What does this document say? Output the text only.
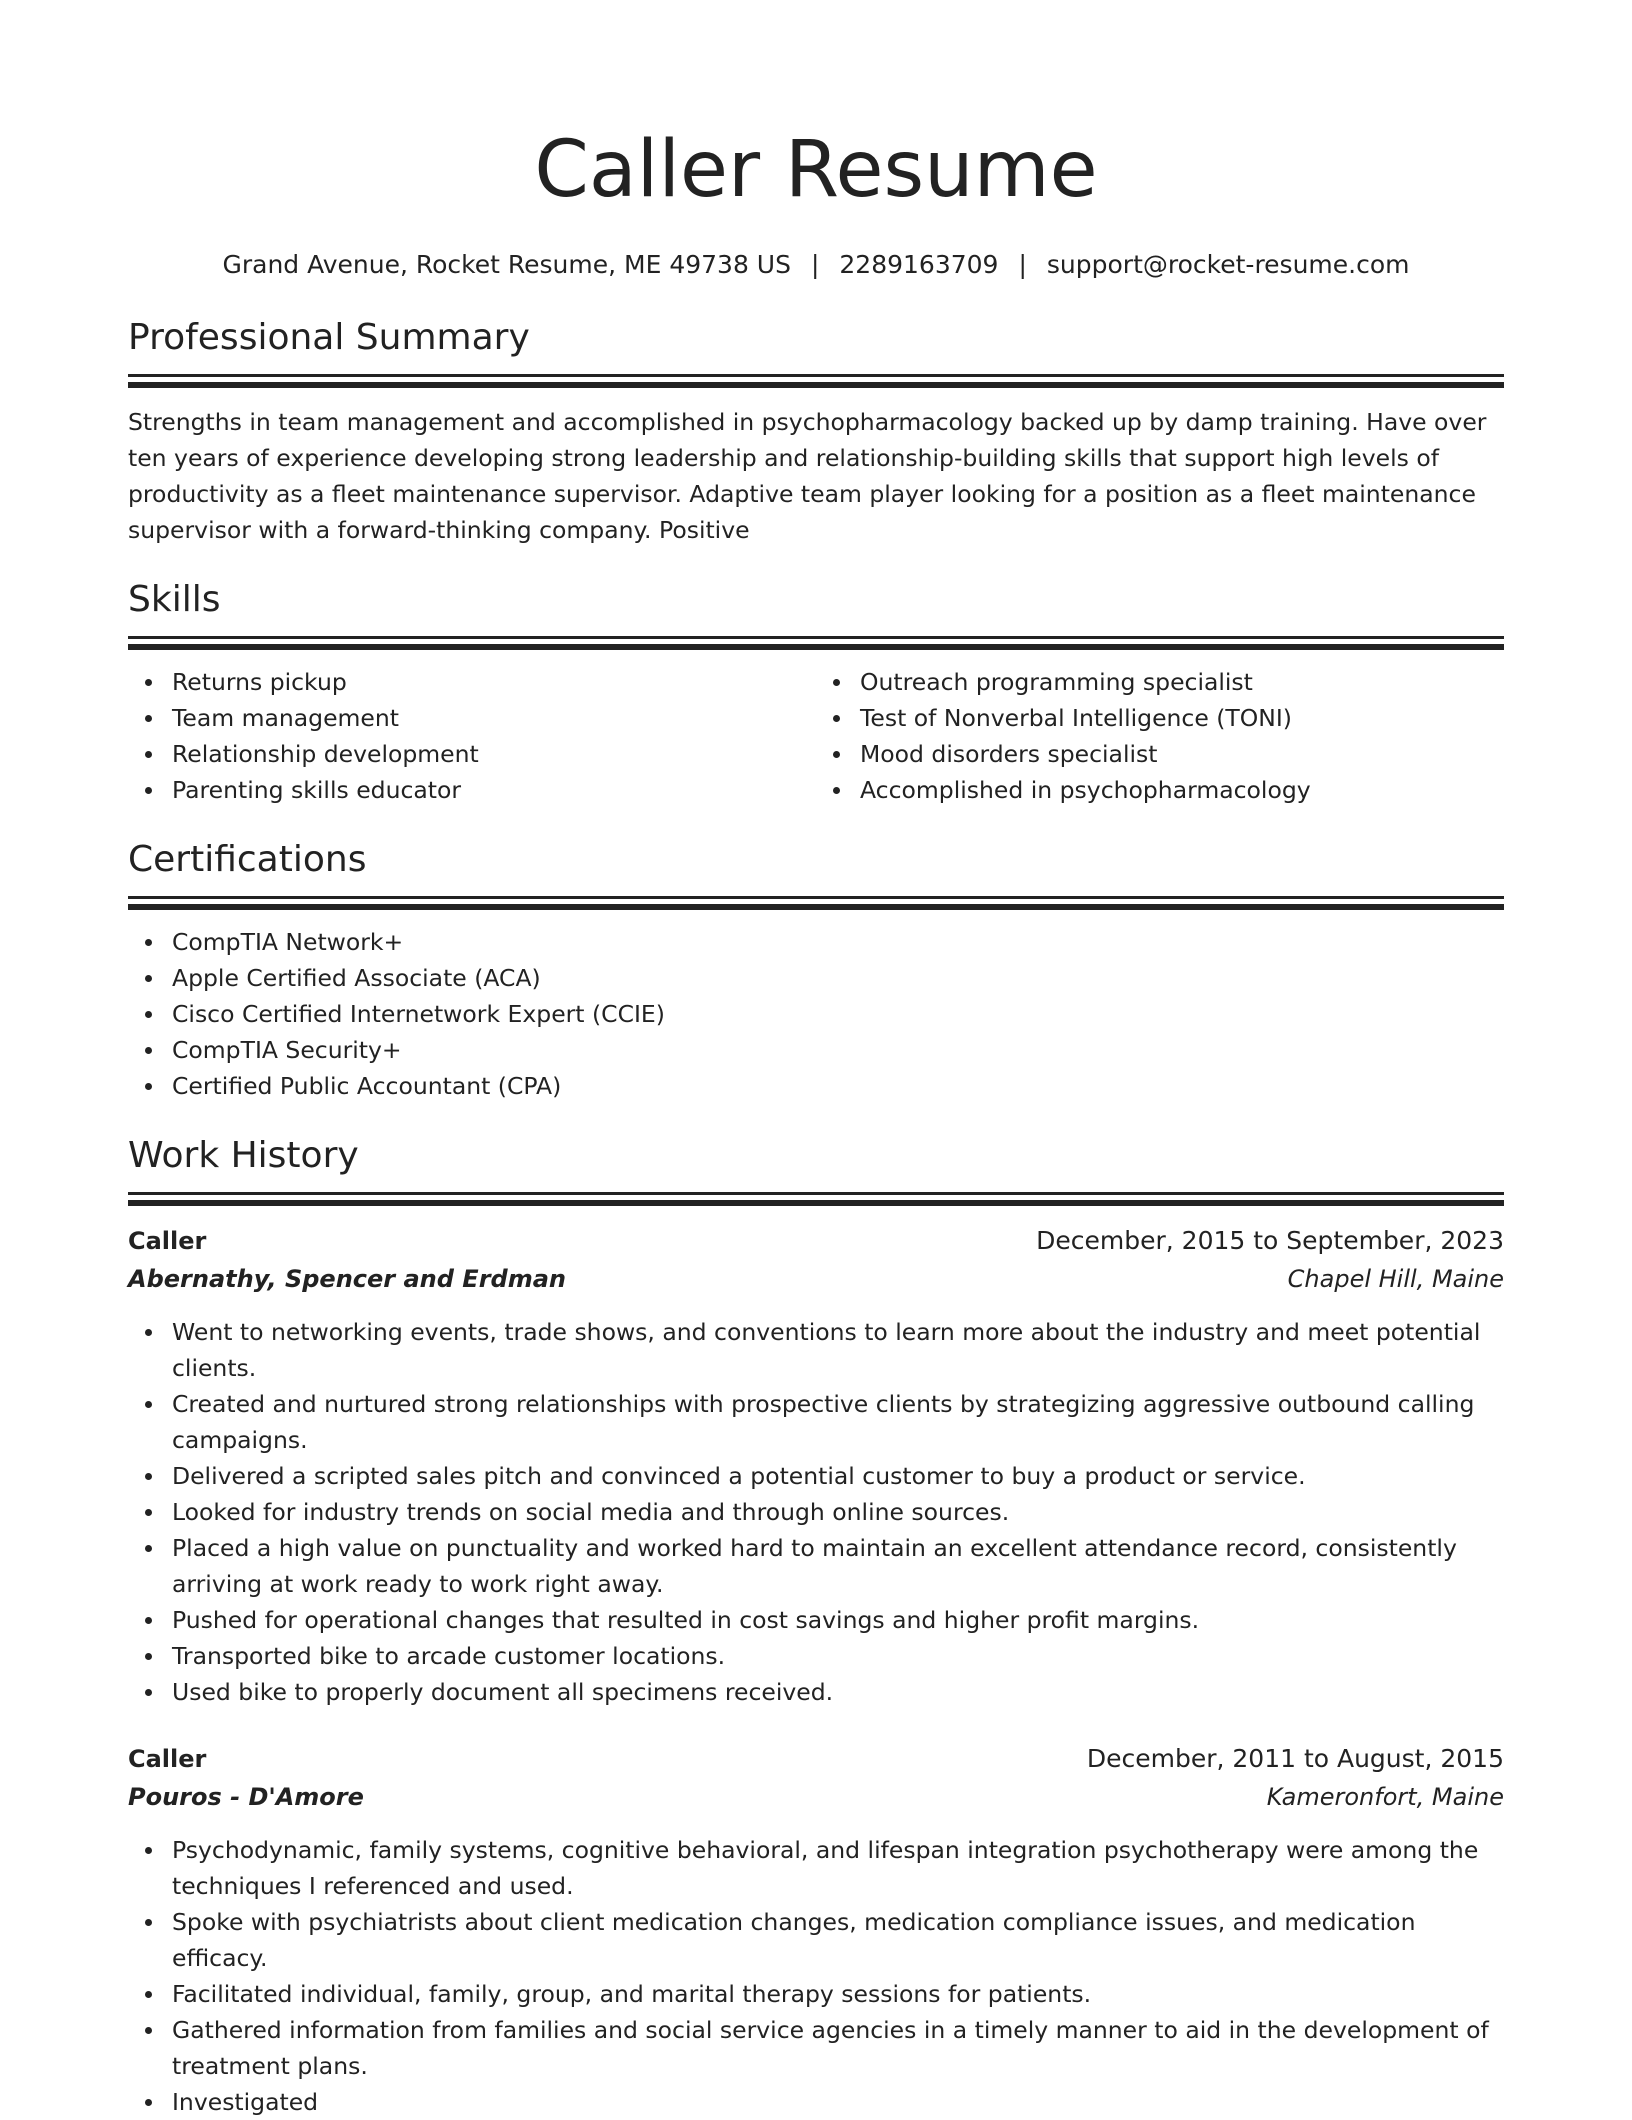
Caller Resume
Grand Avenue, Rocket Resume, ME 49738 US | 2289163709 | support@rocket-resume.com
Professional Summary

Strengths in team management and accomplished in psychopharmacology backed up by damp training. Have over ten years of experience developing strong leadership and relationship-building skills that support high levels of productivity as a fleet maintenance supervisor. Adaptive team player looking for a position as a fleet maintenance supervisor with a forward-thinking company. Positive

Skills
Returns pickup
Team management
Relationship development
Parenting skills educator
Outreach programming specialist
Test of Nonverbal Intelligence (TONI)
Mood disorders specialist
Accomplished in psychopharmacology
Certifications
CompTIA Network+
Apple Certified Associate (ACA)
Cisco Certified Internetwork Expert (CCIE)
CompTIA Security+
Certified Public Accountant (CPA)
Work History
Caller	December, 2015 to September, 2023
Abernathy, Spencer and Erdman	Chapel Hill, Maine
Went to networking events, trade shows, and conventions to learn more about the industry and meet potential clients.
Created and nurtured strong relationships with prospective clients by strategizing aggressive outbound calling campaigns.
Delivered a scripted sales pitch and convinced a potential customer to buy a product or service.
Looked for industry trends on social media and through online sources.
Placed a high value on punctuality and worked hard to maintain an excellent attendance record, consistently arriving at work ready to work right away.
Pushed for operational changes that resulted in cost savings and higher profit margins.
Transported bike to arcade customer locations.
Used bike to properly document all specimens received.
Caller	December, 2011 to August, 2015
Pouros - D'Amore	Kameronfort, Maine
Psychodynamic, family systems, cognitive behavioral, and lifespan integration psychotherapy were among the techniques I referenced and used.
Spoke with psychiatrists about client medication changes, medication compliance issues, and medication efficacy.
Facilitated individual, family, group, and marital therapy sessions for patients.
Gathered information from families and social service agencies in a timely manner to aid in the development of treatment plans.
Investigated
